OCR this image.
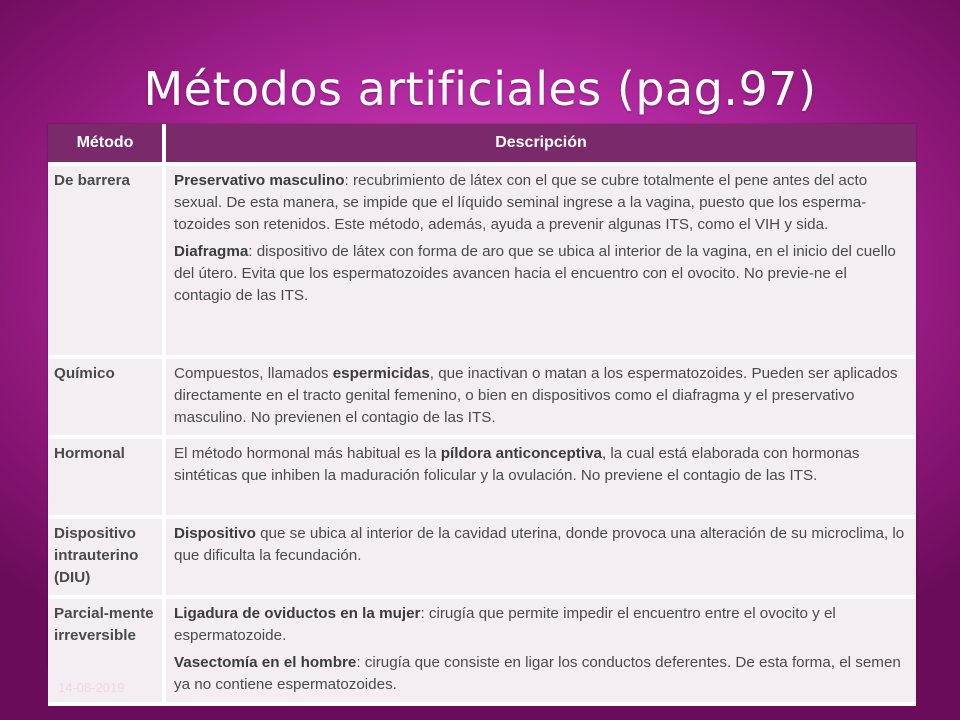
Métodos artificiales (pag.97)
Método	Descripción
De barrera	Preservativo masculino: recubrimiento de látex con el que se cubre totalmente el pene antes del acto sexual. De esta manera, se impide que el líquido seminal ingrese a la vagina, puesto que los esperma-tozoides son retenidos. Este método, además, ayuda a prevenir algunas ITS, como el VIH y sida.

Diafragma: dispositivo de látex con forma de aro que se ubica al interior de la vagina, en el inicio del cuello del útero. Evita que los espermatozoides avancen hacia el encuentro con el ovocito. No previe-ne el contagio de las ITS.

Químico	Compuestos, llamados espermicidas, que inactivan o matan a los espermatozoides. Pueden ser aplicados directamente en el tracto genital femenino, o bien en dispositivos como el diafragma y el preservativo masculino. No previenen el contagio de las ITS.

Hormonal	El método hormonal más habitual es la píldora anticonceptiva, la cual está elaborada con hormonas sintéticas que inhiben la maduración folicular y la ovulación. No previene el contagio de las ITS.

Dispositivo intrauterino (DIU)	Dispositivo que se ubica al interior de la cavidad uterina, donde provoca una alteración de su microclima, lo que dificulta la fecundación.

Parcial-mente irreversible	Ligadura de oviductos en la mujer: cirugía que permite impedir el encuentro entre el ovocito y el espermatozoide.

Vasectomía en el hombre: cirugía que consiste en ligar los conductos deferentes. De esta forma, el semen ya no contiene espermatozoides.

14-08-2019
